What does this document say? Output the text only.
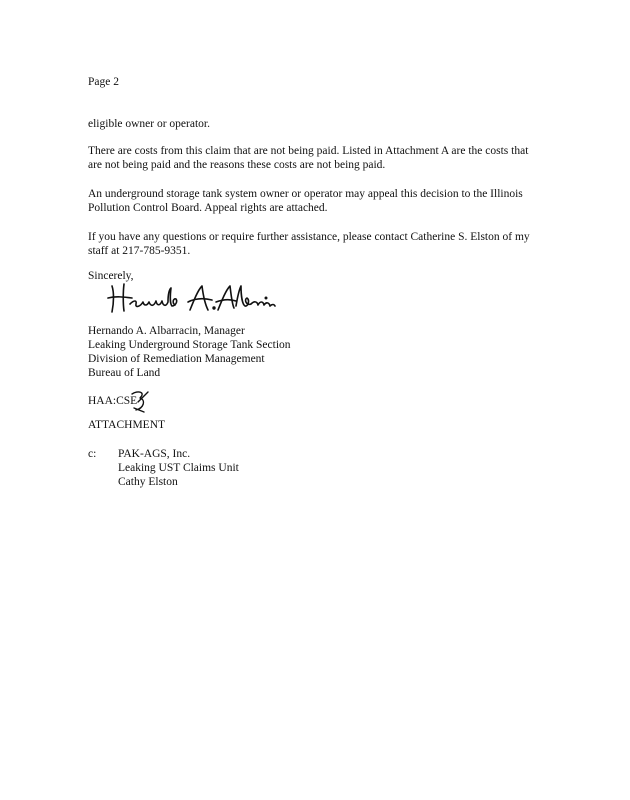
Page 2
eligible owner or operator.
There are costs from this claim that are not being paid. Listed in Attachment A are the costs that
are not being paid and the reasons these costs are not being paid.
An underground storage tank system owner or operator may appeal this decision to the Illinois
Pollution Control Board. Appeal rights are attached.
If you have any questions or require further assistance, please contact Catherine S. Elston of my
staff at 217-785-9351.
Sincerely,
Hernando A. Albarracin, Manager
Leaking Underground Storage Tank Section
Division of Remediation Management
Bureau of Land
HAA:CSE
ATTACHMENT
c: PAK-AGS, Inc.
Leaking UST Claims Unit
Cathy Elston
